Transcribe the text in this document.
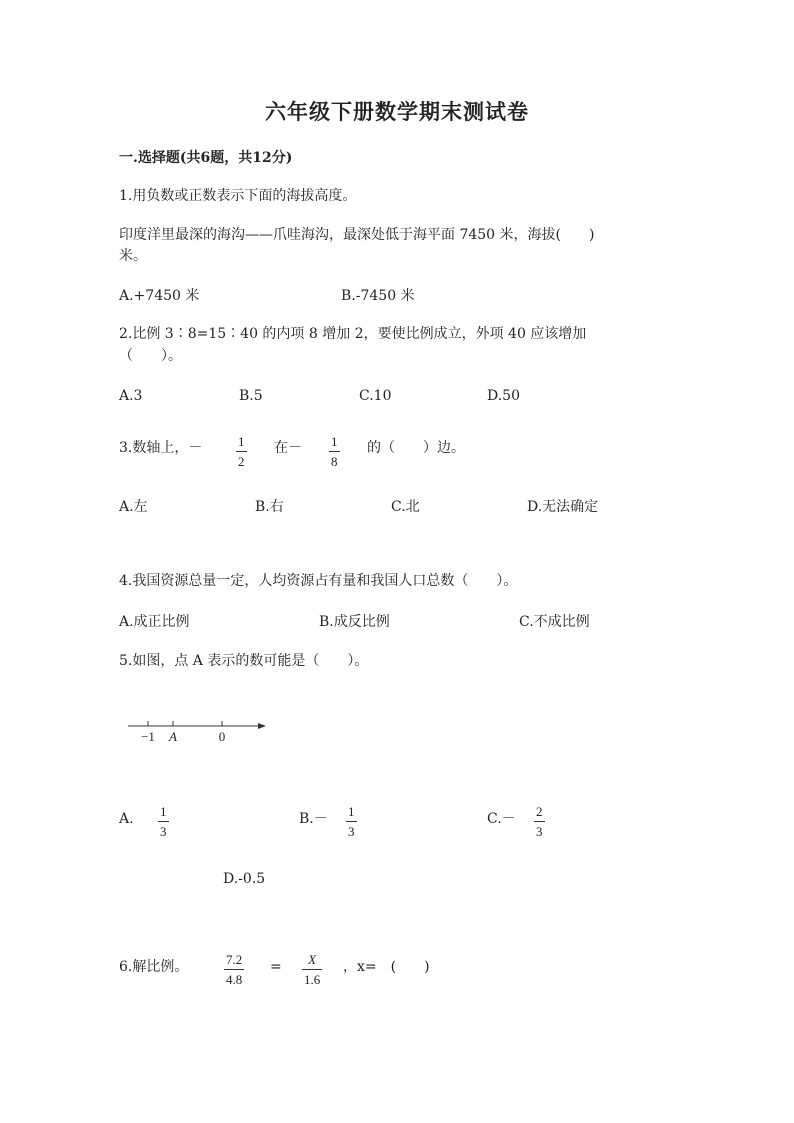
六年级下册数学期末测试卷
一.选择题(共6题，共12分)
1.用负数或正数表示下面的海拔高度。
印度洋里最深的海沟——爪哇海沟，最深处低于海平面 7450 米，海拔(　　)
米。
A.+7450 米	B.-7450 米
2.比例 3∶8=15∶40 的内项 8 增加 2，要使比例成立，外项 40 应该增加
（　　）。
A.3	B.5	C.10	D.50
3.数轴上，－	1
2
在－ 1
8
的（　　）边。
A.左	B.右	C.北	D.无法确定
4.我国资源总量一定，人均资源占有量和我国人口总数（　　）。
A.成正比例	B.成反比例	C.不成比例
5.如图，点 A 表示的数可能是（　　）。
−1 A	0
A. 1
3
B.－ 1
3
C.－ 2
3
D.-0.5
6.解比例。	7.2
4.8
= X
1.6
，x=　(　　)
